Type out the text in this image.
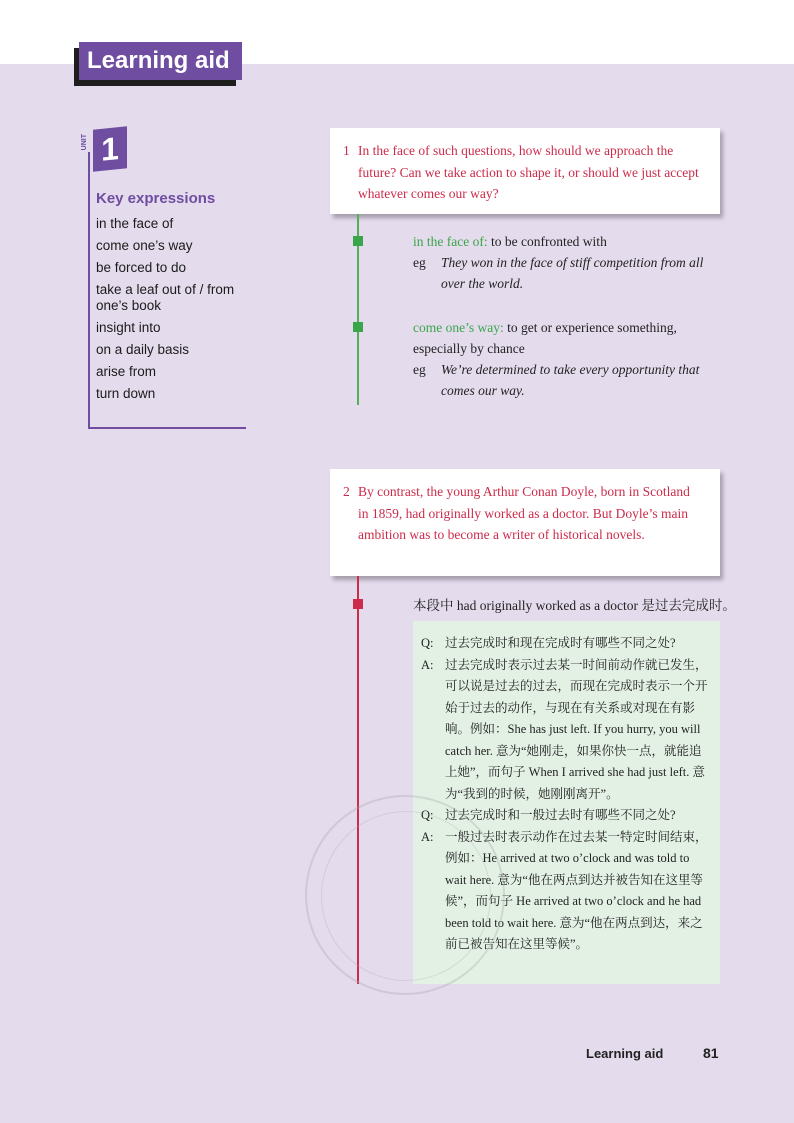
Learning aid
UNIT 1
Key expressions
in the face of
come one’s way
be forced to do
take a leaf out of / from one’s book
insight into
on a daily basis
arise from
turn down
1 In the face of such questions, how should we approach the future? Can we take action to shape it, or should we just accept whatever comes our way?
in the face of: to be confronted with
eg	They won in the face of stiff competition from all over the world.
come one’s way: to get or experience something, especially by chance
eg	We’re determined to take every opportunity that comes our way.
2 By contrast, the young Arthur Conan Doyle, born in Scotland in 1859, had originally worked as a doctor. But Doyle’s main ambition was to become a writer of historical novels.
本段中 had originally worked as a doctor 是过去完成时。
Q: 过去完成时和现在完成时有哪些不同之处?
A: 过去完成时表示过去某一时间前动作就已发生，可以说是过去的过去，而现在完成时表示一个开始于过去的动作，与现在有关系或对现在有影响。例如：She has just left. If you hurry, you will catch her. 意为“她刚走，如果你快一点，就能追上她”，而句子 When I arrived she had just left. 意为“我到的时候，她刚刚离开”。
Q: 过去完成时和一般过去时有哪些不同之处?
A: 一般过去时表示动作在过去某一特定时间结束，例如：He arrived at two o’clock and was told to wait here. 意为“他在两点到达并被告知在这里等候”，而句子 He arrived at two o’clock and he had been told to wait here. 意为“他在两点到达，来之前已被告知在这里等候”。
Learning aid	81
